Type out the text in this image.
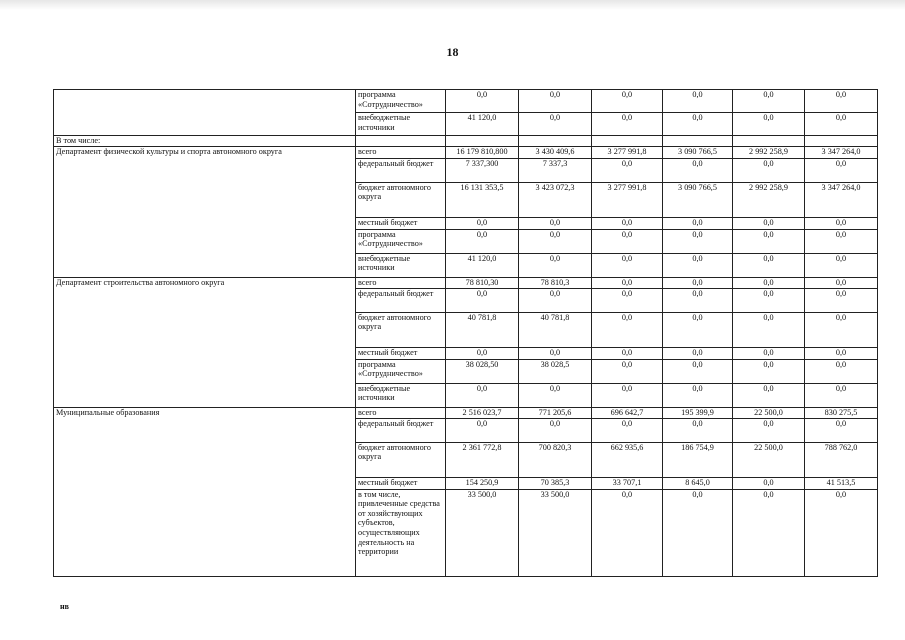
18
	программа «Сотрудничество»	0,0	0,0	0,0	0,0	0,0	0,0
	внебюджетные источники	41 120,0	0,0	0,0	0,0	0,0	0,0
В том числе:							
Департамент физической культуры и спорта автономного округа	всего	16 179 810,800	3 430 409,6	3 277 991,8	3 090 766,5	2 992 258,9	3 347 264,0
	федеральный бюджет	7 337,300	7 337,3	0,0	0,0	0,0	0,0
	бюджет автономного округа	16 131 353,5	3 423 072,3	3 277 991,8	3 090 766,5	2 992 258,9	3 347 264,0
	местный бюджет	0,0	0,0	0,0	0,0	0,0	0,0
	программа «Сотрудничество»	0,0	0,0	0,0	0,0	0,0	0,0
	внебюджетные источники	41 120,0	0,0	0,0	0,0	0,0	0,0
Департамент строительства автономного округа	всего	78 810,30	78 810,3	0,0	0,0	0,0	0,0
	федеральный бюджет	0,0	0,0	0,0	0,0	0,0	0,0
	бюджет автономного округа	40 781,8	40 781,8	0,0	0,0	0,0	0,0
	местный бюджет	0,0	0,0	0,0	0,0	0,0	0,0
	программа «Сотрудничество»	38 028,50	38 028,5	0,0	0,0	0,0	0,0
	внебюджетные источники	0,0	0,0	0,0	0,0	0,0	0,0
Муниципальные образования	всего	2 516 023,7	771 205,6	696 642,7	195 399,9	22 500,0	830 275,5
	федеральный бюджет	0,0	0,0	0,0	0,0	0,0	0,0
	бюджет автономного округа	2 361 772,8	700 820,3	662 935,6	186 754,9	22 500,0	788 762,0
	местный бюджет	154 250,9	70 385,3	33 707,1	8 645,0	0,0	41 513,5
	в том числе, привлеченные средства от хозяйствующих субъектов, осуществляющих деятельность на территории	33 500,0	33 500,0	0,0	0,0	0,0	0,0
нв
